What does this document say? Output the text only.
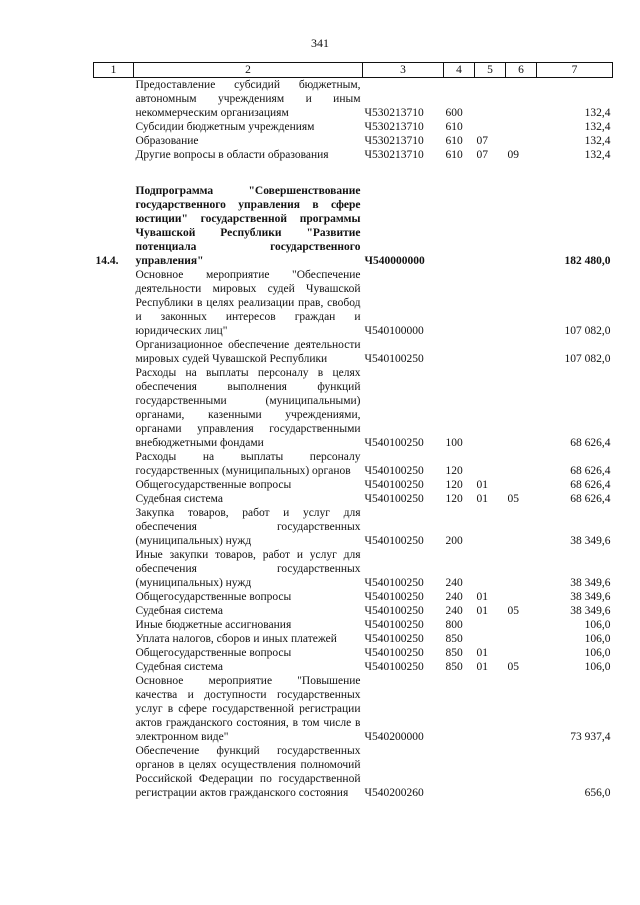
341
1	2	3	4	5	6	7
	Предоставление субсидий бюджетным, автономным учреждениям и иным некоммерческим организациям	Ч530213710	600			132,4
	Субсидии бюджетным учреждениям	Ч530213710	610			132,4
	Образование	Ч530213710	610	07		132,4
	Другие вопросы в области образования	Ч530213710	610	07	09	132,4

14.4.	Подпрограмма "Совершенствование государственного управления в сфере юстиции" государственной программы Чувашской Республики "Развитие потенциала государственного управления"	Ч540000000				182 480,0
	Основное мероприятие "Обеспечение деятельности мировых судей Чувашской Республики в целях реализации прав, свобод и законных интересов граждан и юридических лиц"	Ч540100000				107 082,0
	Организационное обеспечение деятельности мировых судей Чувашской Республики	Ч540100250				107 082,0
	Расходы на выплаты персоналу в целях обеспечения выполнения функций государственными (муниципальными) органами, казенными учреждениями, органами управления государственными внебюджетными фондами	Ч540100250	100			68 626,4
	Расходы на выплаты персоналу государственных (муниципальных) органов	Ч540100250	120			68 626,4
	Общегосударственные вопросы	Ч540100250	120	01		68 626,4
	Судебная система	Ч540100250	120	01	05	68 626,4
	Закупка товаров, работ и услуг для обеспечения государственных (муниципальных) нужд	Ч540100250	200			38 349,6
	Иные закупки товаров, работ и услуг для обеспечения государственных (муниципальных) нужд	Ч540100250	240			38 349,6
	Общегосударственные вопросы	Ч540100250	240	01		38 349,6
	Судебная система	Ч540100250	240	01	05	38 349,6
	Иные бюджетные ассигнования	Ч540100250	800			106,0
	Уплата налогов, сборов и иных платежей	Ч540100250	850			106,0
	Общегосударственные вопросы	Ч540100250	850	01		106,0
	Судебная система	Ч540100250	850	01	05	106,0
	Основное мероприятие "Повышение качества и доступности государственных услуг в сфере государственной регистрации актов гражданского состояния, в том числе в электронном виде"	Ч540200000				73 937,4
	Обеспечение функций государственных органов в целях осуществления полномочий Российской Федерации по государственной регистрации актов гражданского состояния	Ч540200260				656,0
